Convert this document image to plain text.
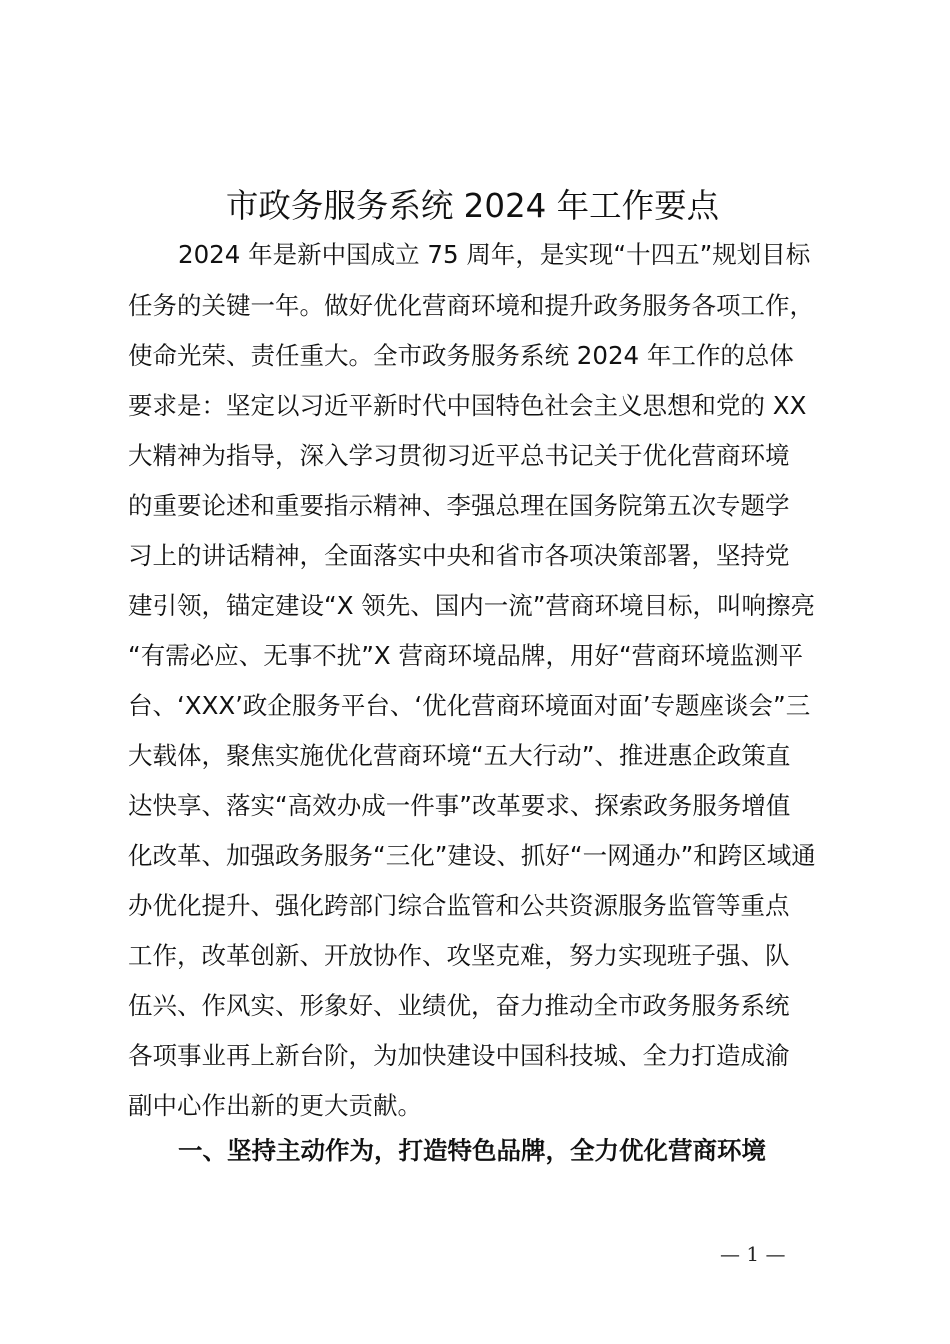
市政务服务系统 2024 年工作要点
2024 年是新中国成立 75 周年，是实现“十四五”规划目标
任务的关键一年。做好优化营商环境和提升政务服务各项工作，
使命光荣、责任重大。全市政务服务系统 2024 年工作的总体
要求是：坚定以习近平新时代中国特色社会主义思想和党的 XX
大精神为指导，深入学习贯彻习近平总书记关于优化营商环境
的重要论述和重要指示精神、李强总理在国务院第五次专题学
习上的讲话精神，全面落实中央和省市各项决策部署，坚持党
建引领，锚定建设“X 领先、国内一流”营商环境目标，叫响擦亮
“有需必应、无事不扰”X 营商环境品牌，用好“营商环境监测平
台、‘XXX’政企服务平台、‘优化营商环境面对面’专题座谈会”三
大载体，聚焦实施优化营商环境“五大行动”、推进惠企政策直
达快享、落实“高效办成一件事”改革要求、探索政务服务增值
化改革、加强政务服务“三化”建设、抓好“一网通办”和跨区域通
办优化提升、强化跨部门综合监管和公共资源服务监管等重点
工作，改革创新、开放协作、攻坚克难，努力实现班子强、队
伍兴、作风实、形象好、业绩优，奋力推动全市政务服务系统
各项事业再上新台阶，为加快建设中国科技城、全力打造成渝
副中心作出新的更大贡献。
一、坚持主动作为，打造特色品牌，全力优化营商环境
— 1 —
